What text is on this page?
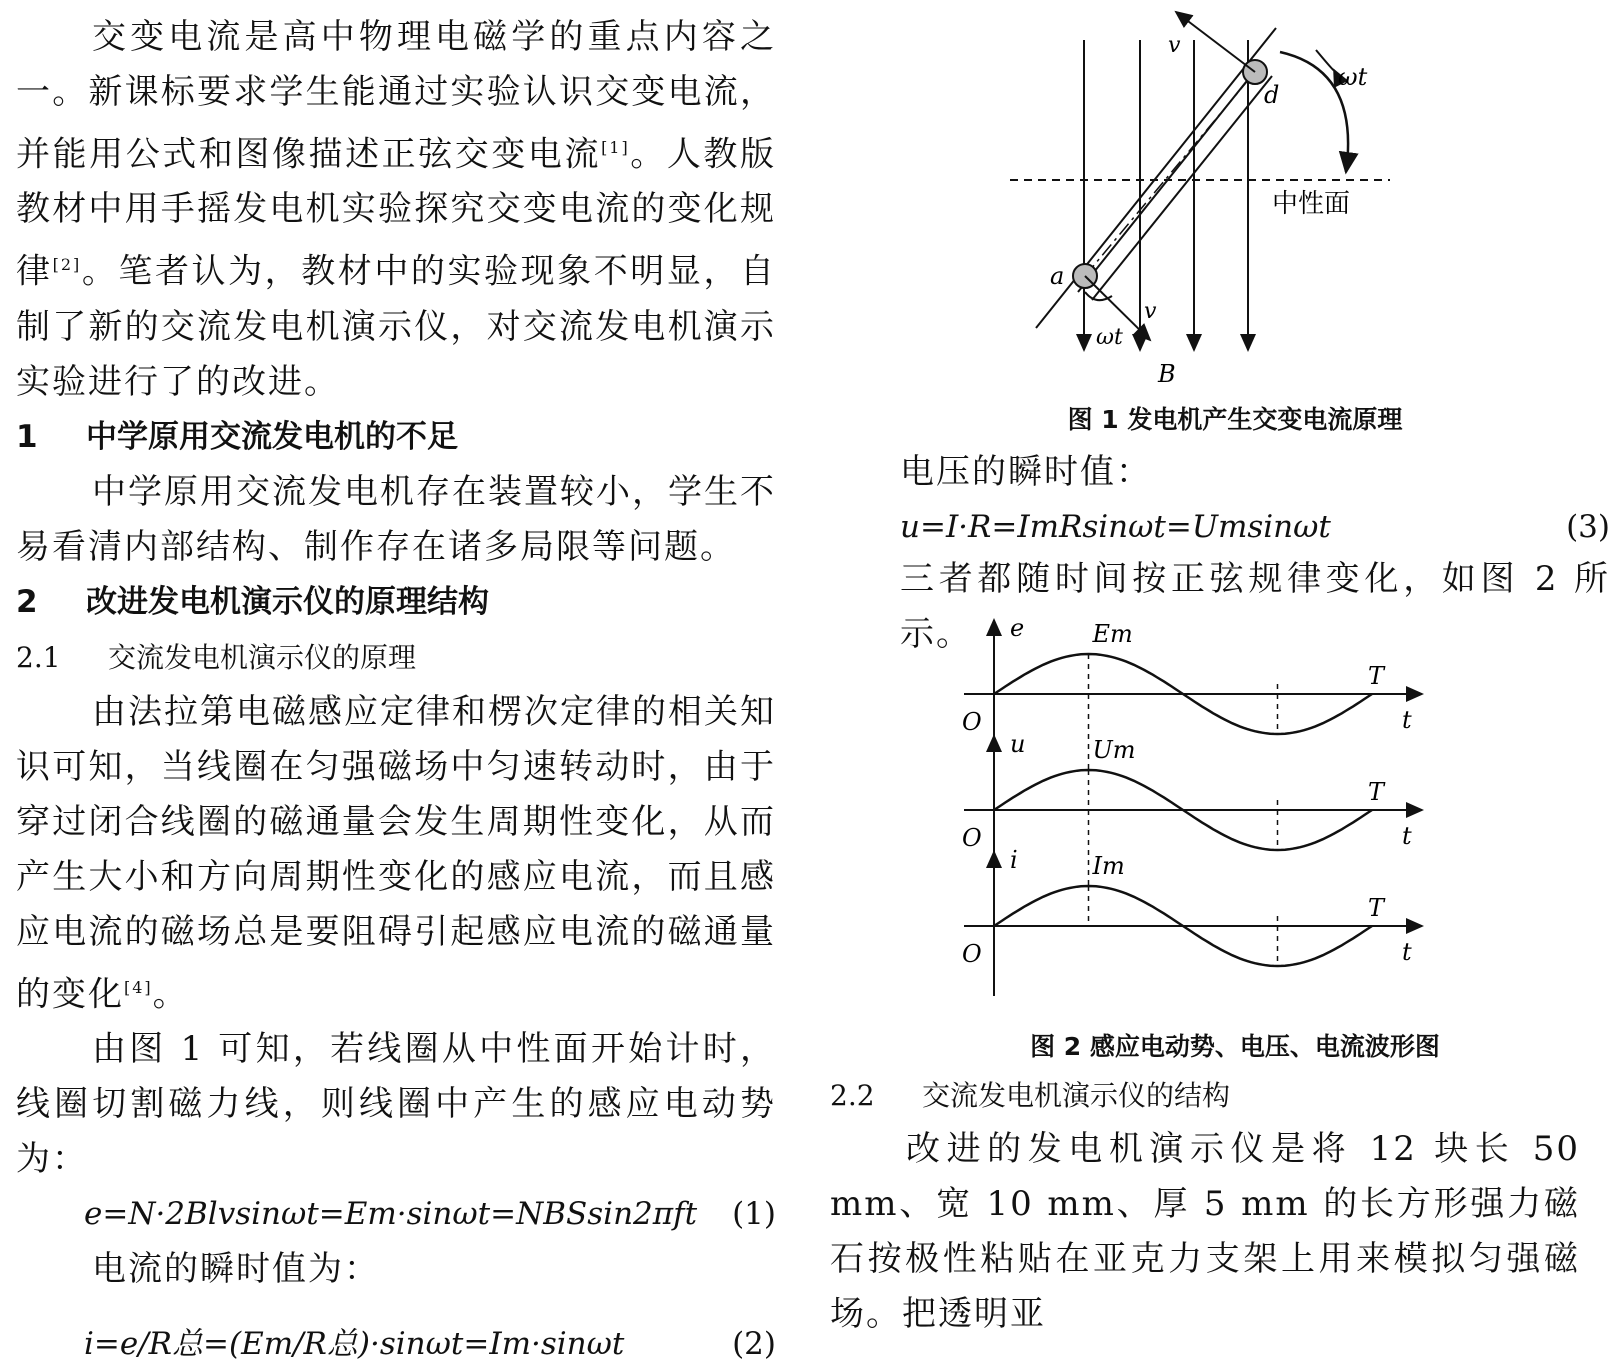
交变电流是高中物理电磁学的重点内容之一。新课标要求学生能通过实验认识交变电流，并能用公式和图像描述正弦交变电流[1]。人教版教材中用手摇发电机实验探究交变电流的变化规律[2]。笔者认为，教材中的实验现象不明显，自制了新的交流发电机演示仪，对交流发电机演示实验进行了的改进。

1 中学原用交流发电机的不足

中学原用交流发电机存在装置较小，学生不易看清内部结构、制作存在诸多局限等问题。

2 改进发电机演示仪的原理结构

2.1 交流发电机演示仪的原理

由法拉第电磁感应定律和楞次定律的相关知识可知，当线圈在匀强磁场中匀速转动时，由于穿过闭合线圈的磁通量会发生周期性变化，从而产生大小和方向周期性变化的感应电流，而且感应电流的磁场总是要阻碍引起感应电流的磁通量的变化[4]。

由图 1 可知，若线圈从中性面开始计时，线圈切割磁力线，则线圈中产生的感应电动势为：

e=N·2Blvsinωt=Em·sinωt=NBSsin2πft (1)

电流的瞬时值为：

i=e/R总=(Em/R总)·sinωt=Im·sinωt	(2)

v
ωt
d
中性面
a
v
ωt
B

图 1 发电机产生交变电流原理

电压的瞬时值：

u=I·R=ImRsinωt=Umsinωt	(3)

三者都随时间按正弦规律变化，如图 2 所示。	e	Em
O
T
t
u	Um
O
T
t
i	Im
O
T
t

图 2 感应电动势、电压、电流波形图

2.2 交流发电机演示仪的结构

改进的发电机演示仪是将 12 块长 50 mm、宽 10 mm、厚 5 mm 的长方形强力磁石按极性粘贴在亚克力支架上用来模拟匀强磁场。把透明亚
